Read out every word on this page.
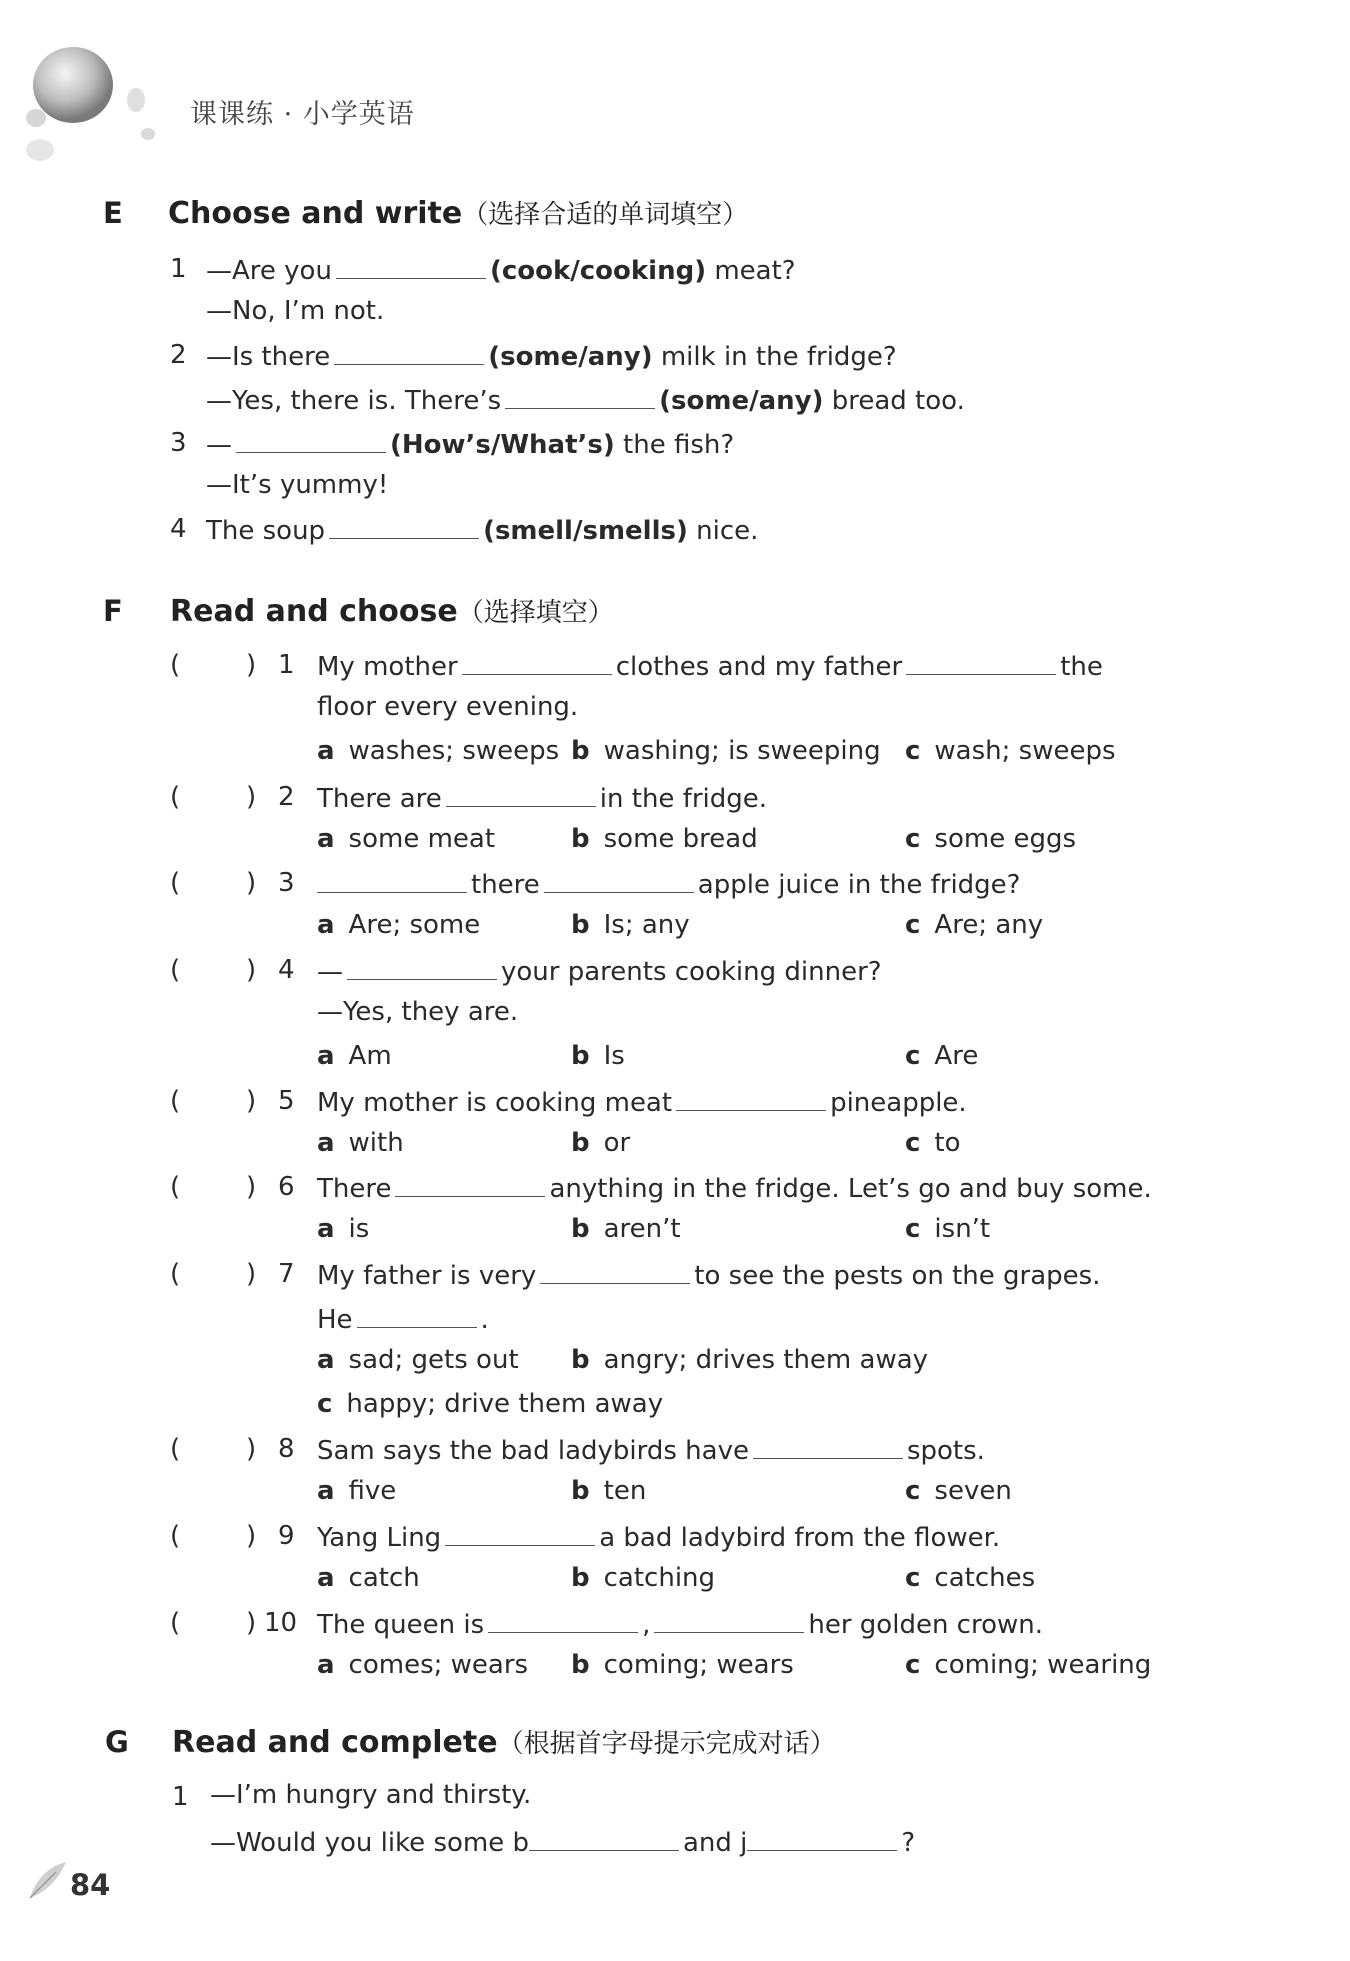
课课练 · 小学英语
E Choose and write（选择合适的单词填空）
1 —Are you	(cook/cooking) meat?
—No, I’m not.
2 —Is there	(some/any) milk in the fridge?
—Yes, there is. There’s	(some/any) bread too.
3 —	(How’s/What’s) the fish?
—It’s yummy!
4 The soup	(smell/smells) nice.
F Read and choose（选择填空）
(	) 1 My mother	clothes and my father	the
floor every evening.
a washes; sweeps b washing; is sweeping c wash; sweeps
(	) 2 There are	in the fridge.
a some meat	b some bread	c some eggs
(	) 3	there	apple juice in the fridge?
a Are; some	b Is; any	c Are; any
(	) 4 —	your parents cooking dinner?
—Yes, they are.
a Am	b Is	c Are
(	) 5 My mother is cooking meat	pineapple.
a with	b or	c to
(	) 6 There	anything in the fridge. Let’s go and buy some.
a is	b aren’t	c isn’t
(	) 7 My father is very	to see the pests on the grapes.
He	.
a sad; gets out b angry; drives them away
c happy; drive them away
(	) 8 Sam says the bad ladybirds have	spots.
a five	b ten	c seven
(	) 9 Yang Ling	a bad ladybird from the flower.
a catch	b catching	c catches
(	) 10 The queen is	,	her golden crown.
a comes; wears b coming; wears	c coming; wearing
G Read and complete（根据首字母提示完成对话）
1 —I’m hungry and thirsty.
—Would you like some b	and j	?
84
